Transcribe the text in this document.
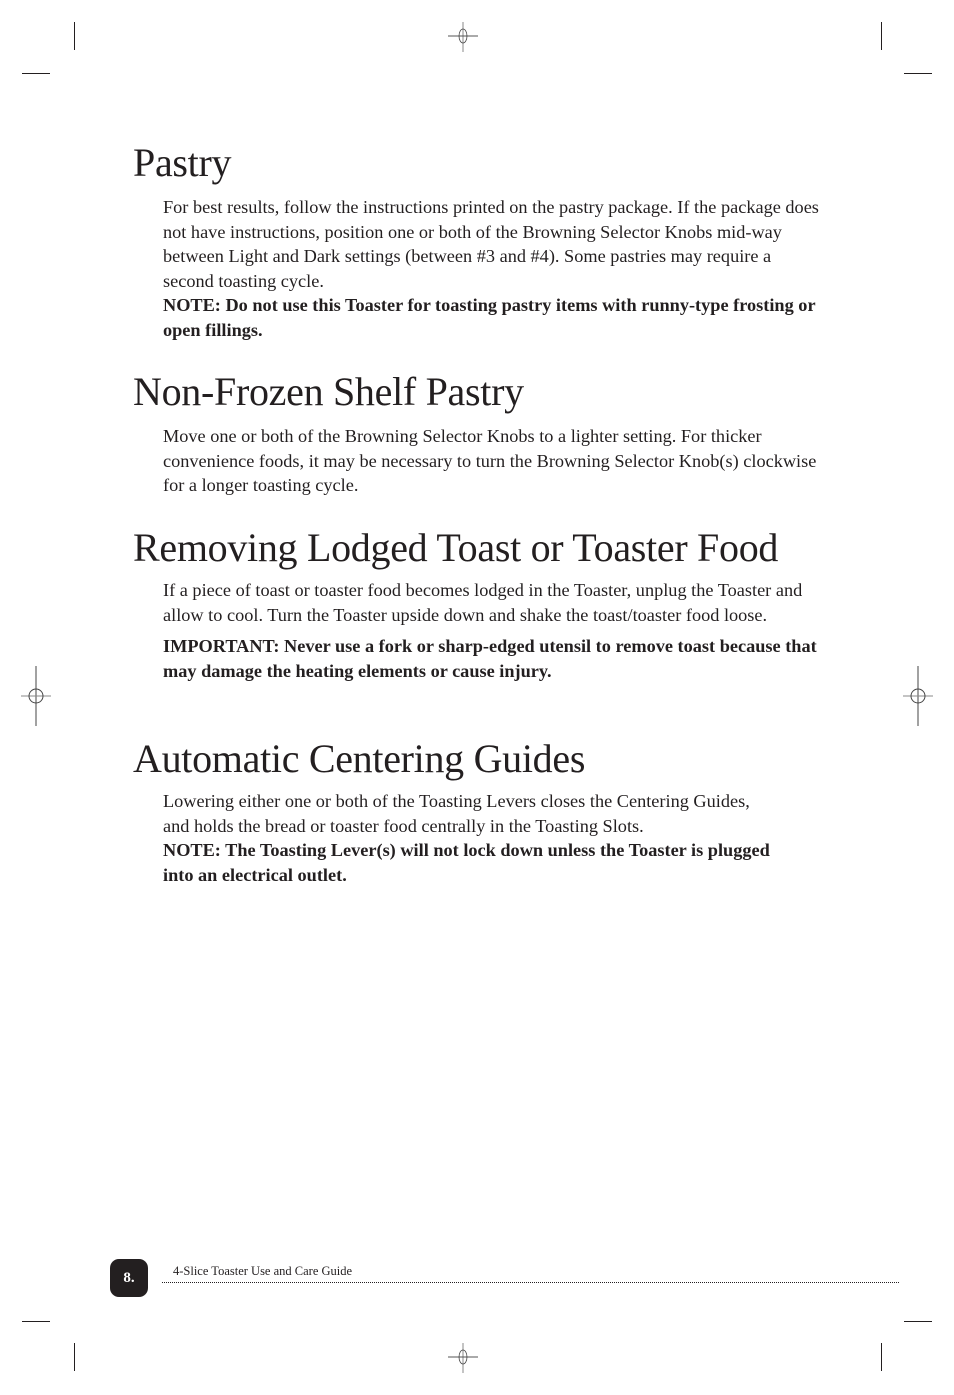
Pastry

For best results, follow the instructions printed on the pastry package. If the package does not have instructions, position one or both of the Browning Selector Knobs mid-way between Light and Dark settings (between #3 and #4). Some pastries may require a second toasting cycle.

NOTE: Do not use this Toaster for toasting pastry items with runny-type frosting or open fillings.

Non-Frozen Shelf Pastry

Move one or both of the Browning Selector Knobs to a lighter setting. For thicker convenience foods, it may be necessary to turn the Browning Selector Knob(s) clockwise for a longer toasting cycle.

Removing Lodged Toast or Toaster Food

If a piece of toast or toaster food becomes lodged in the Toaster, unplug the Toaster and allow to cool. Turn the Toaster upside down and shake the toast/toaster food loose.

IMPORTANT: Never use a fork or sharp-edged utensil to remove toast because that may damage the heating elements or cause injury.

Automatic Centering Guides

Lowering either one or both of the Toasting Levers closes the Centering Guides, and holds the bread or toaster food centrally in the Toasting Slots.

NOTE: The Toasting Lever(s) will not lock down unless the Toaster is plugged into an electrical outlet.

8.	4-Slice Toaster Use and Care Guide
